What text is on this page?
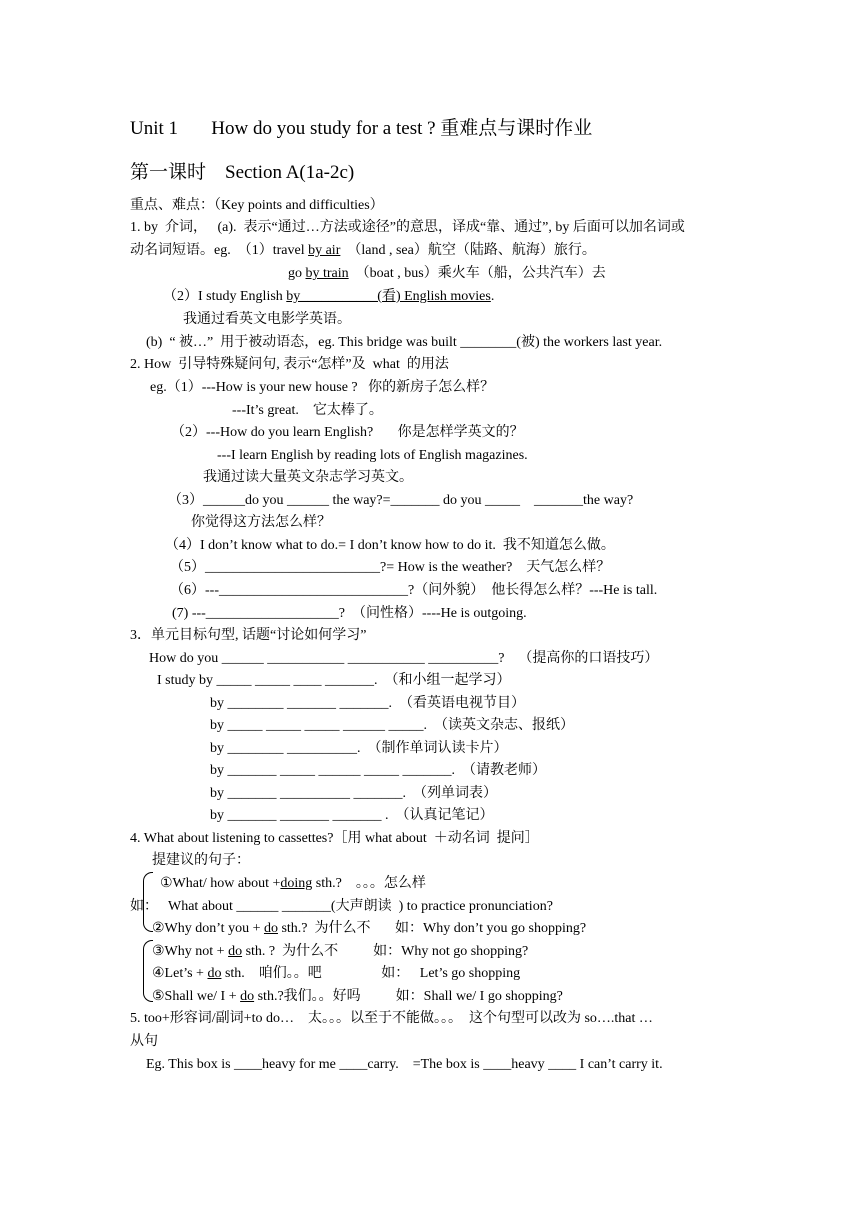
Unit 1       How do you study for a test ? 重难点与课时作业
第一课时    Section A(1a-2c)
重点、难点：（Key points and difficulties）
1. by  介词，   (a).  表示“通过…方法或途径”的意思，译成“靠、通过”, by 后面可以加名词或
动名词短语。eg.  （1）travel by air  （land , sea）航空（陆路、航海）旅行。
go by train  （boat , bus）乘火车（船，公共汽车）去
（2）I study English by___________(看) English movies.
我通过看英文电影学英语。
(b)  “ 被…”  用于被动语态，eg. This bridge was built ________(被) the workers last year.
2. How  引导特殊疑问句, 表示“怎样”及  what  的用法
eg.（1）---How is your new house ?   你的新房子怎么样？
---It’s great.    它太棒了。
（2）---How do you learn English?       你是怎样学英文的？
---I learn English by reading lots of English magazines.
我通过读大量英文杂志学习英文。
（3）______do you ______ the way?=_______ do you _____    _______the way?
你觉得这方法怎么样？
（4）I don’t know what to do.= I don’t know how to do it.  我不知道怎么做。
（5）_________________________?= How is the weather?    天气怎么样？
（6）---___________________________?（问外貌）  他长得怎么样？---He is tall.
(7) ---___________________?  （问性格）----He is outgoing.
3．单元目标句型, 话题“讨论如何学习”
How do you ______ ___________ ___________ __________?    （提高你的口语技巧）
I study by _____ _____ ____ _______.  （和小组一起学习）
by ________ _______ _______.  （看英语电视节目）
by _____ _____ _____ ______ _____.  （读英文杂志、报纸）
by ________ __________.  （制作单词认读卡片）
by _______ _____ ______ _____ _______.  （请教老师）
by _______ __________ _______.  （列单词表）
by _______ _______ _______ .  （认真记笔记）
4. What about listening to cassettes?［用 what about  ＋动名词  提问］
提建议的句子：
①What/ how about +doing sth.?    。。。怎么样
如： What about ______ _______(大声朗读  ) to practice pronunciation?
②Why don’t you + do sth.?  为什么不       如：Why don’t you go shopping?
③Why not + do sth. ?  为什么不          如：Why not go shopping?
④Let’s + do sth.    咱们。。吧                 如：   Let’s go shopping
⑤Shall we/ I + do sth.?我们。。好吗          如：Shall we/ I go shopping?
5. too+形容词/副词+to do…    太。。。以至于不能做。。。  这个句型可以改为 so….that …
从句
Eg. This box is ____heavy for me ____carry.    =The box is ____heavy ____ I can’t carry it.
